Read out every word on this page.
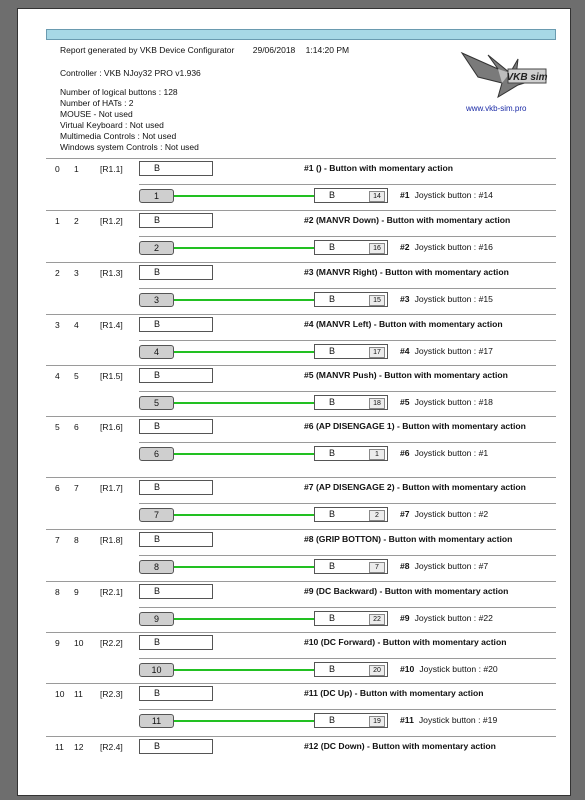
Report generated by VKB Device Configurator 29/06/2018 1:14:20 PM
Controller : VKB NJoy32 PRO v1.936
Number of logical buttons : 128
Number of HATs : 2
MOUSE - Not used
Virtual Keyboard : Not used
Multimedia Controls : Not used
Windows system Controls : Not used
VKB sim
www.vkb-sim.pro
0 1	[R1.1]	B	#1 () - Button with momentary action
1	B	14	#1 Joystick button : #14
1 2	[R1.2]	B	#2 (MANVR Down) - Button with momentary action
2	B	16	#2 Joystick button : #16
2 3	[R1.3]	B	#3 (MANVR Right) - Button with momentary action
3	B	15	#3 Joystick button : #15
3 4	[R1.4]	B	#4 (MANVR Left) - Button with momentary action
4	B	17	#4 Joystick button : #17
4 5	[R1.5]	B	#5 (MANVR Push) - Button with momentary action
5	B	18	#5 Joystick button : #18
5 6	[R1.6]	B	#6 (AP DISENGAGE 1) - Button with momentary action
6	B	1	#6 Joystick button : #1
6 7	[R1.7]	B	#7 (AP DISENGAGE 2) - Button with momentary action
7	B	2	#7 Joystick button : #2
7 8	[R1.8]	B	#8 (GRIP BOTTON) - Button with momentary action
8	B	7	#8 Joystick button : #7
8 9	[R2.1]	B	#9 (DC Backward) - Button with momentary action
9	B	22	#9 Joystick button : #22
9 10 [R2.2]	B	#10 (DC Forward) - Button with momentary action
10	B	20	#10 Joystick button : #20
10 11 [R2.3]	B	#11 (DC Up) - Button with momentary action
11	B	19	#11 Joystick button : #19
11 12 [R2.4]	B	#12 (DC Down) - Button with momentary action
